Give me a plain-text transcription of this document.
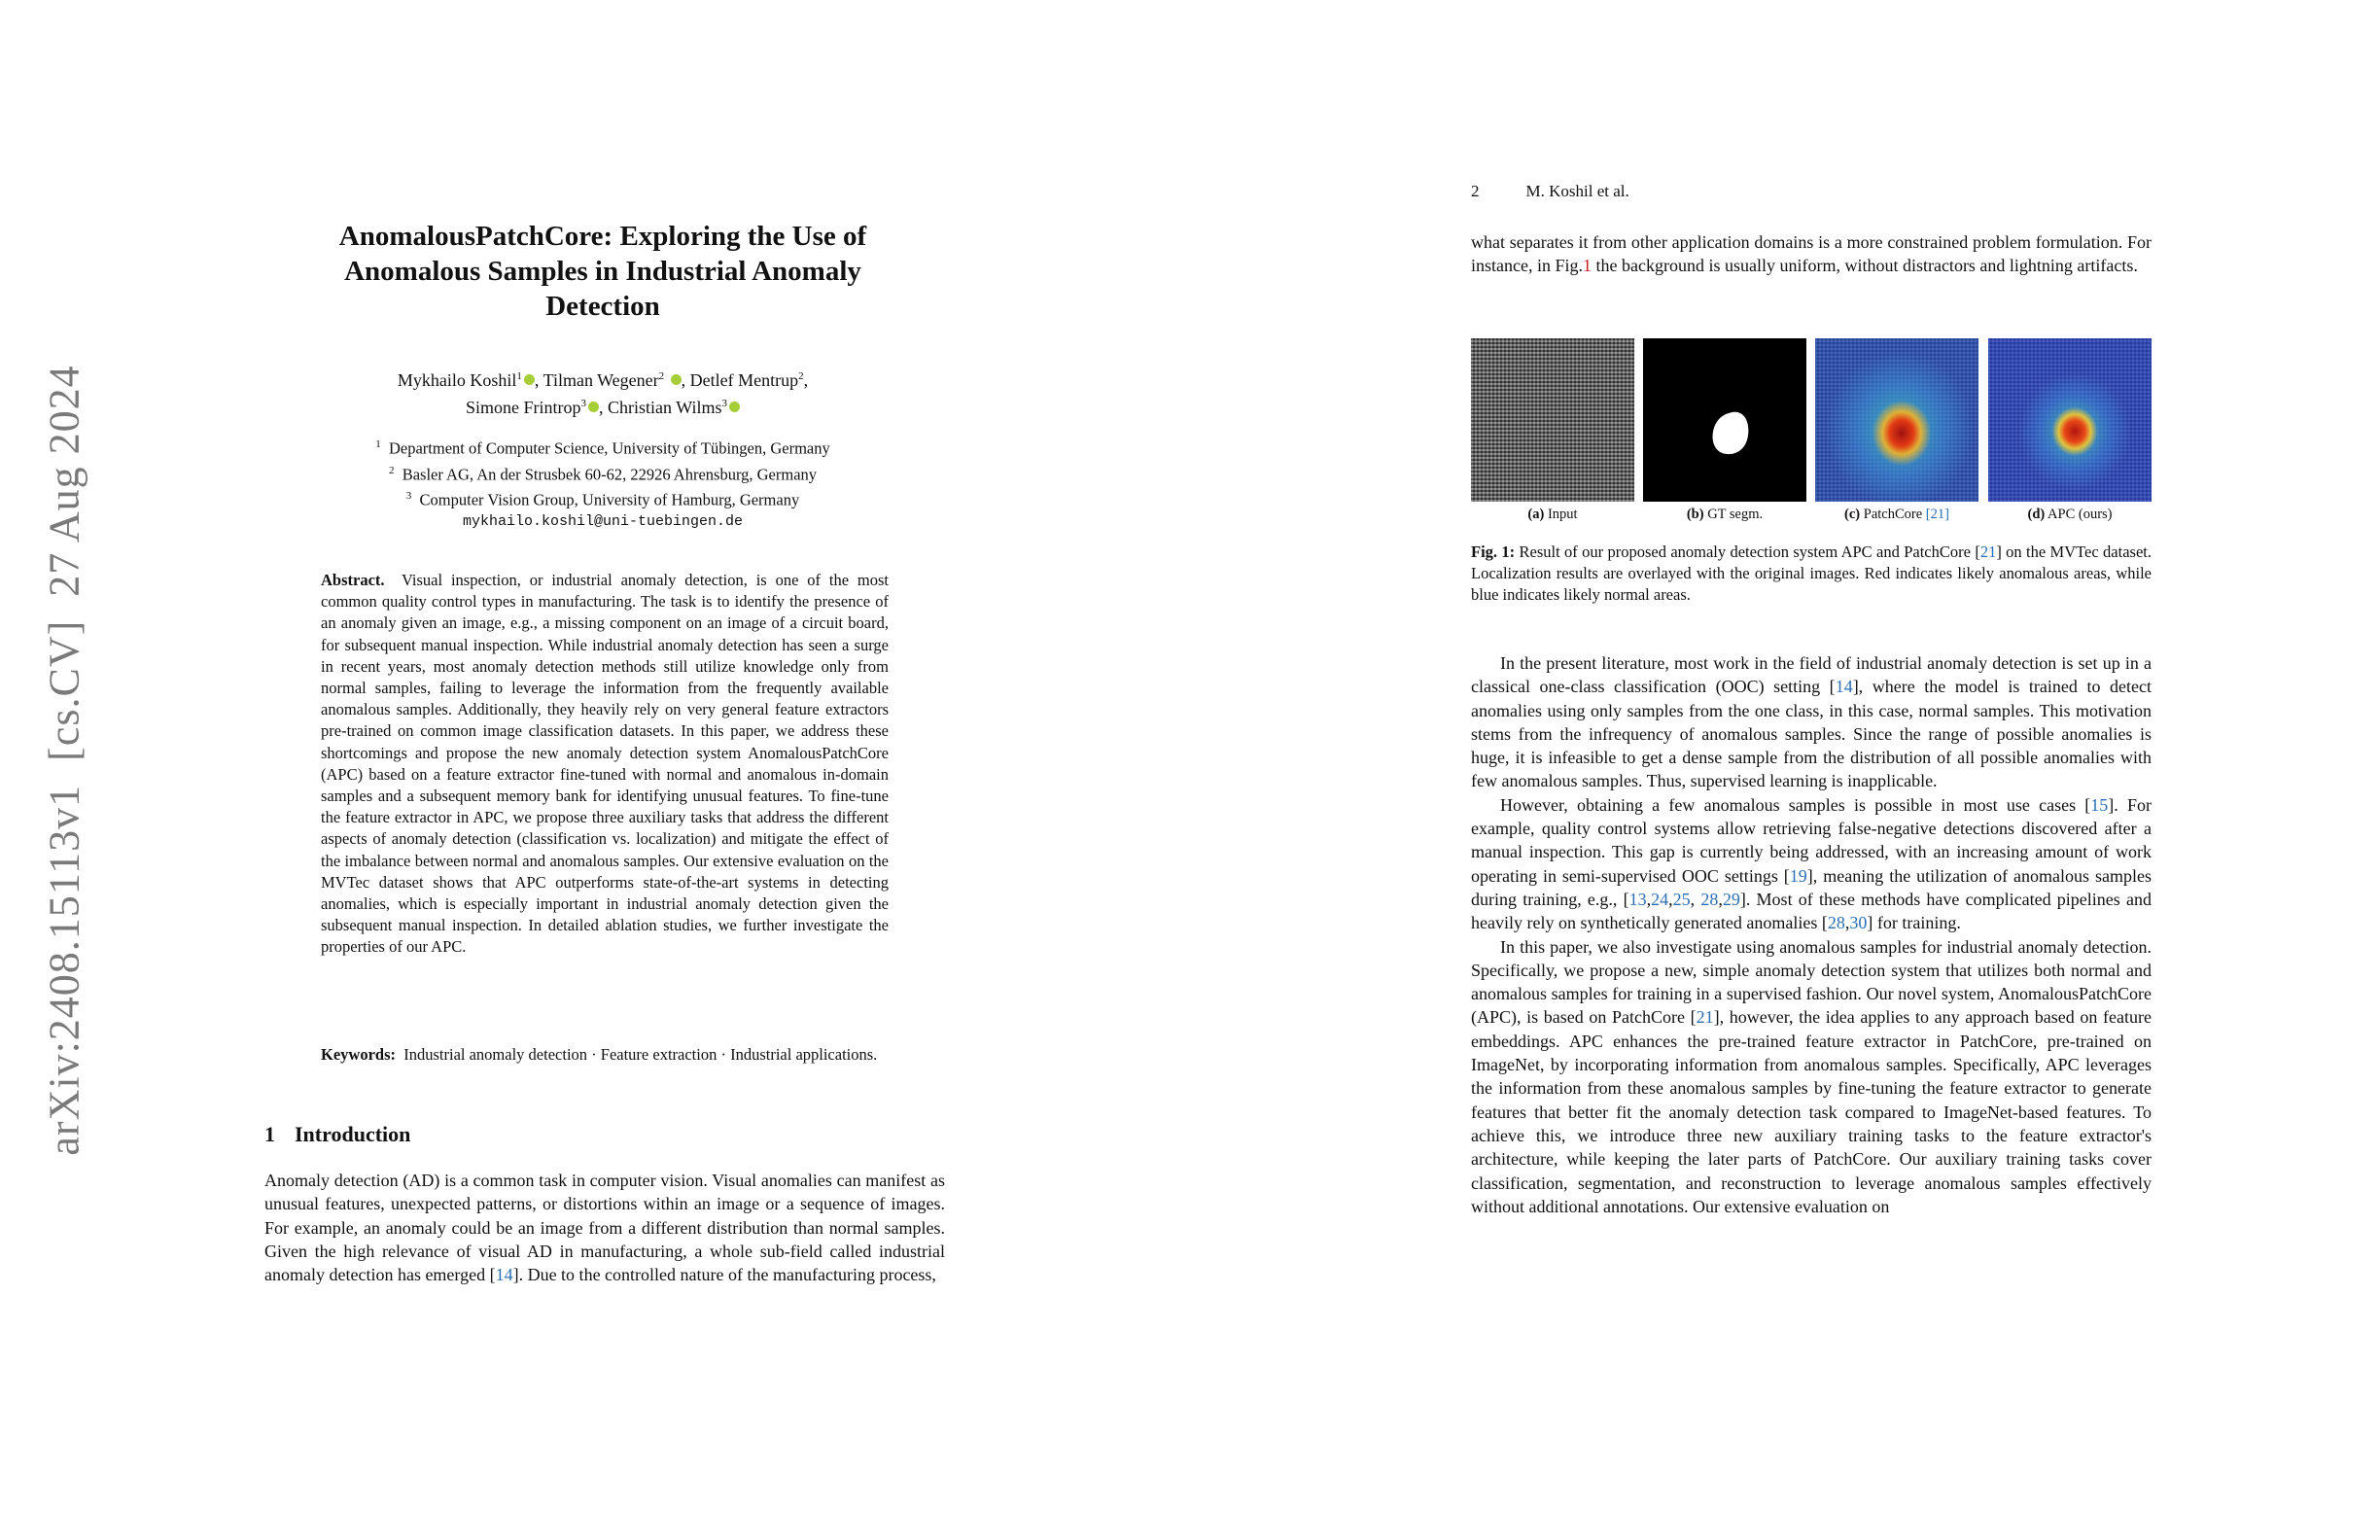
arXiv:2408.15113v1  [cs.CV]  27 Aug 2024
AnomalousPatchCore: Exploring the Use of
Anomalous Samples in Industrial Anomaly
Detection
Mykhailo Koshil$^1$ , Tilman Wegener$^2$ , Detlef Mentrup$^2$,
Simone Frintrop$^3$ , Christian Wilms$^3$
$^1$ Department of Computer Science, University of Tübingen, Germany
$^2$ Basler AG, An der Strusbek 60-62, 22926 Ahrensburg, Germany
$^3$ Computer Vision Group, University of Hamburg, Germany
mykhailo.koshil@uni-tuebingen.de
Abstract. Visual inspection, or industrial anomaly detection, is one of the most common quality control types in manufacturing. The task is to identify the presence of an anomaly given an image, e.g., a missing component on an image of a circuit board, for subsequent manual inspection. While industrial anomaly detection has seen a surge in recent years, most anomaly detection methods still utilize knowledge only from normal samples, failing to leverage the information from the frequently available anomalous samples. Additionally, they heavily rely on very general feature extractors pre-trained on common image classification datasets. In this paper, we address these shortcomings and propose the new anomaly detection system AnomalousPatchCore (APC) based on a feature extractor fine-tuned with normal and anomalous in-domain samples and a subsequent memory bank for identifying unusual features. To fine-tune the feature extractor in APC, we propose three auxiliary tasks that address the different aspects of anomaly detection (classification vs. localization) and mitigate the effect of the imbalance between normal and anomalous samples. Our extensive evaluation on the MVTec dataset shows that APC outperforms state-of-the-art systems in detecting anomalies, which is especially important in industrial anomaly detection given the subsequent manual inspection. In detailed ablation studies, we further investigate the properties of our APC.
Keywords: Industrial anomaly detection · Feature extraction · Industrial applications.
1 Introduction
Anomaly detection (AD) is a common task in computer vision. Visual anomalies can manifest as unusual features, unexpected patterns, or distortions within an image or a sequence of images. For example, an anomaly could be an image from a different distribution than normal samples. Given the high relevance of visual AD in manufacturing, a whole sub-field called industrial anomaly detection has emerged [14]. Due to the controlled nature of the manufacturing process,
2	M. Koshil et al.
what separates it from other application domains is a more constrained problem formulation. For instance, in Fig.1 the background is usually uniform, without distractors and lightning artifacts.
(a) Input	(b) GT segm.	(c) PatchCore [21]	(d) APC (ours)
Fig. 1: Result of our proposed anomaly detection system APC and PatchCore [21] on the MVTec dataset. Localization results are overlayed with the original images. Red indicates likely anomalous areas, while blue indicates likely normal areas.

In the present literature, most work in the field of industrial anomaly detection is set up in a classical one-class classification (OOC) setting [14], where the model is trained to detect anomalies using only samples from the one class, in this case, normal samples. This motivation stems from the infrequency of anomalous samples. Since the range of possible anomalies is huge, it is infeasible to get a dense sample from the distribution of all possible anomalies with few anomalous samples. Thus, supervised learning is inapplicable.

However, obtaining a few anomalous samples is possible in most use cases [15]. For example, quality control systems allow retrieving false-negative detections discovered after a manual inspection. This gap is currently being addressed, with an increasing amount of work operating in semi-supervised OOC settings [19], meaning the utilization of anomalous samples during training, e.g., [13,24,25, 28,29]. Most of these methods have complicated pipelines and heavily rely on synthetically generated anomalies [28,30] for training.

In this paper, we also investigate using anomalous samples for industrial anomaly detection. Specifically, we propose a new, simple anomaly detection system that utilizes both normal and anomalous samples for training in a supervised fashion. Our novel system, AnomalousPatchCore (APC), is based on PatchCore [21], however, the idea applies to any approach based on feature embeddings. APC enhances the pre-trained feature extractor in PatchCore, pre-trained on ImageNet, by incorporating information from anomalous samples. Specifically, APC leverages the information from these anomalous samples by fine-tuning the feature extractor to generate features that better fit the anomaly detection task compared to ImageNet-based features. To achieve this, we introduce three new auxiliary training tasks to the feature extractor's architecture, while keeping the later parts of PatchCore. Our auxiliary training tasks cover classification, segmentation, and reconstruction to leverage anomalous samples effectively without additional annotations. Our extensive evaluation on
